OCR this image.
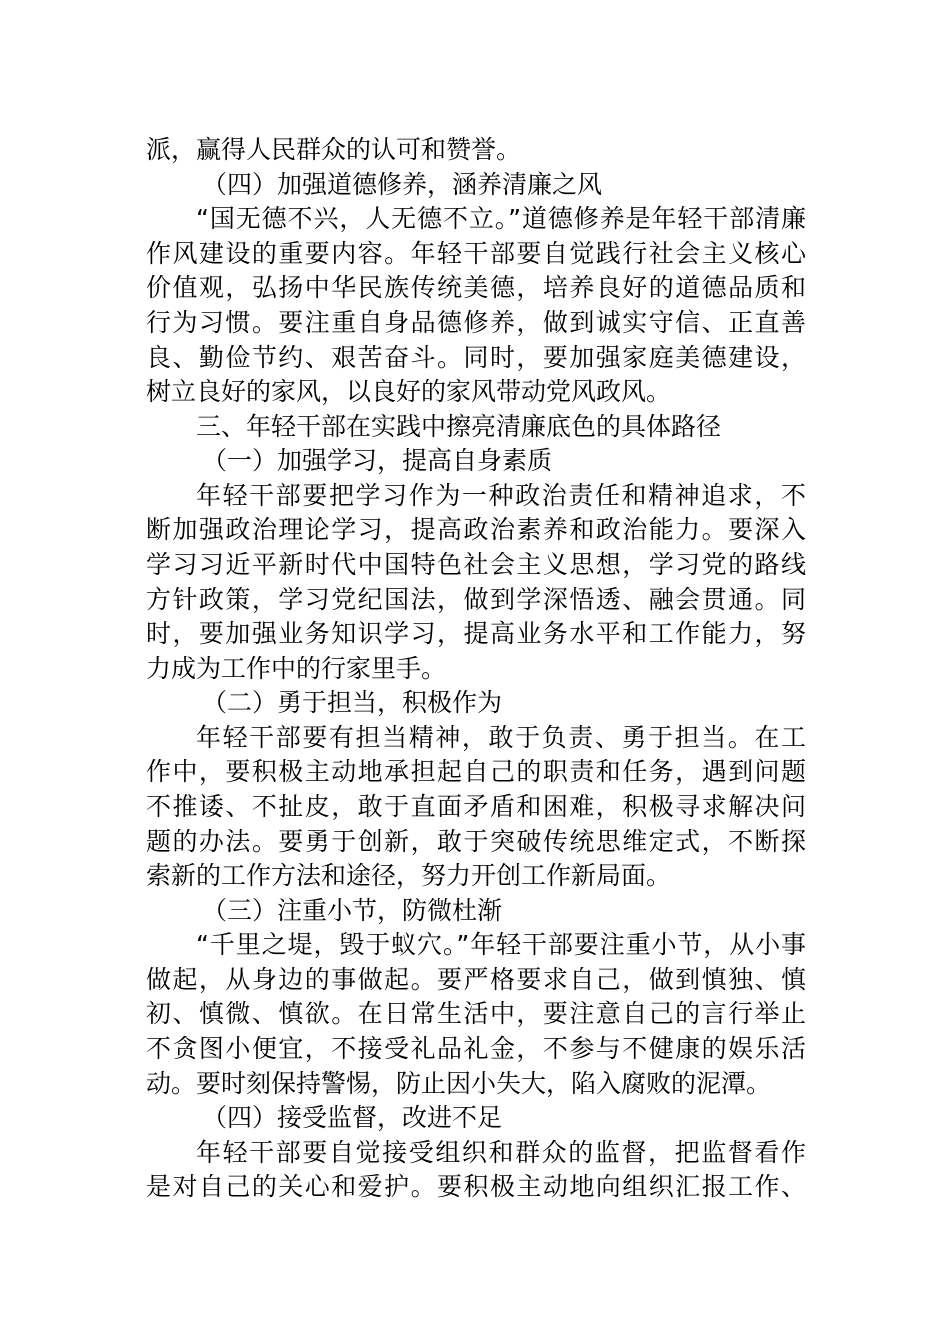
派，赢得人民群众的认可和赞誉。
（四）加强道德修养，涵养清廉之风
“国无德不兴，人无德不立。”道德修养是年轻干部清廉
作风建设的重要内容。年轻干部要自觉践行社会主义核心
价值观，弘扬中华民族传统美德，培养良好的道德品质和
行为习惯。要注重自身品德修养，做到诚实守信、正直善
良、勤俭节约、艰苦奋斗。同时，要加强家庭美德建设，
树立良好的家风，以良好的家风带动党风政风。
三、年轻干部在实践中擦亮清廉底色的具体路径
（一）加强学习，提高自身素质
年轻干部要把学习作为一种政治责任和精神追求，不
断加强政治理论学习，提高政治素养和政治能力。要深入
学习习近平新时代中国特色社会主义思想，学习党的路线
方针政策，学习党纪国法，做到学深悟透、融会贯通。同
时，要加强业务知识学习，提高业务水平和工作能力，努
力成为工作中的行家里手。
（二）勇于担当，积极作为
年轻干部要有担当精神，敢于负责、勇于担当。在工
作中，要积极主动地承担起自己的职责和任务，遇到问题
不推诿、不扯皮，敢于直面矛盾和困难，积极寻求解决问
题的办法。要勇于创新，敢于突破传统思维定式，不断探
索新的工作方法和途径，努力开创工作新局面。
（三）注重小节，防微杜渐
“千里之堤，毁于蚁穴。”年轻干部要注重小节，从小事
做起，从身边的事做起。要严格要求自己，做到慎独、慎
初、慎微、慎欲。在日常生活中，要注意自己的言行举止
不贪图小便宜，不接受礼品礼金，不参与不健康的娱乐活
动。要时刻保持警惕，防止因小失大，陷入腐败的泥潭。
（四）接受监督，改进不足
年轻干部要自觉接受组织和群众的监督，把监督看作
是对自己的关心和爱护。要积极主动地向组织汇报工作、
